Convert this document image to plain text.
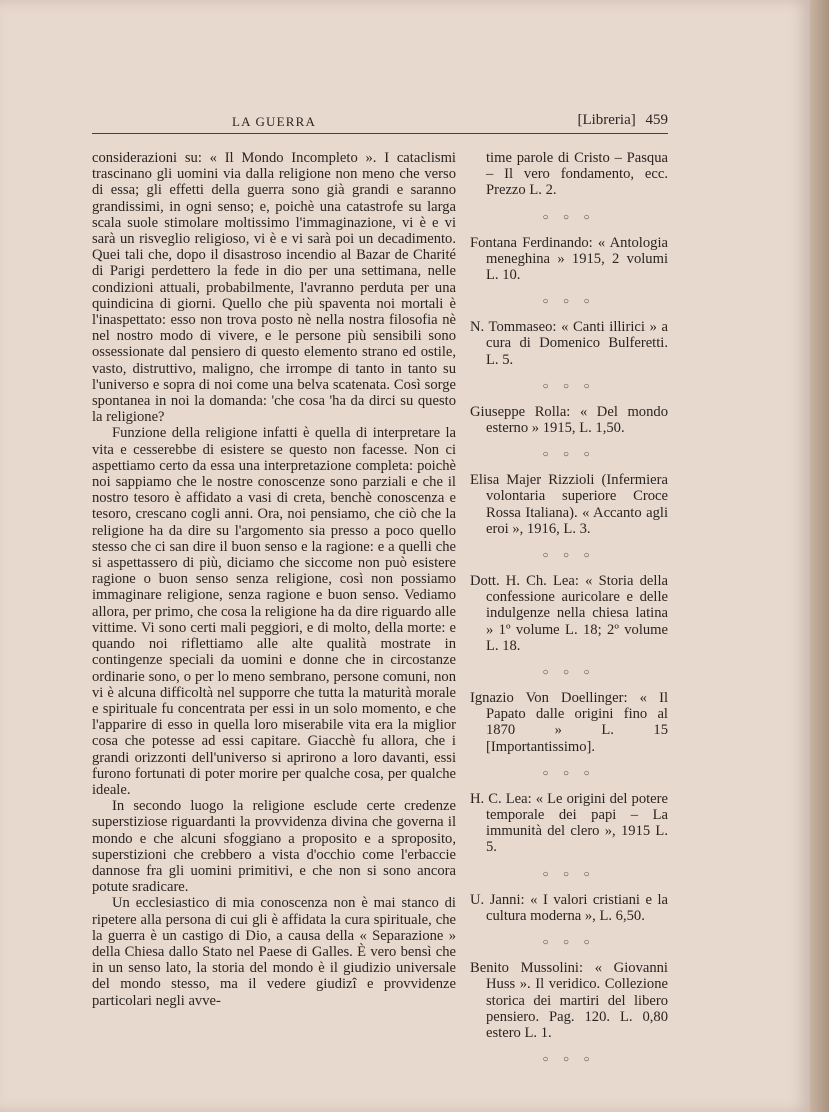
LA GUERRA	[Libreria] 459

considerazioni su: « Il Mondo Incompleto ». I cataclismi trascinano gli uomini via dalla religione non meno che verso di essa; gli effetti della guerra sono già grandi e saranno grandissimi, in ogni senso; e, poichè una catastrofe su larga scala suole stimolare moltissimo l'immaginazione, vi è e vi sarà un risveglio religioso, vi è e vi sarà poi un decadimento. Quei tali che, dopo il disastroso incendio al Bazar de Charité di Parigi perdettero la fede in dio per una settimana, nelle condizioni attuali, probabilmente, l'avranno perduta per una quindicina di giorni. Quello che più spaventa noi mortali è l'inaspettato: esso non trova posto nè nella nostra filosofia nè nel nostro modo di vivere, e le persone più sensibili sono ossessionate dal pensiero di questo elemento strano ed ostile, vasto, distruttivo, maligno, che irrompe di tanto in tanto su l'universo e sopra di noi come una belva scatenata. Così sorge spontanea in noi la domanda: 'che cosa 'ha da dirci su questo la religione?

Funzione della religione infatti è quella di interpretare la vita e cesserebbe di esistere se questo non facesse. Non ci aspettiamo certo da essa una interpretazione completa: poichè noi sappiamo che le nostre conoscenze sono parziali e che il nostro tesoro è affidato a vasi di creta, benchè conoscenza e tesoro, crescano cogli anni. Ora, noi pensiamo, che ciò che la religione ha da dire su l'argomento sia presso a poco quello stesso che ci san dire il buon senso e la ragione: e a quelli che si aspettassero di più, diciamo che siccome non può esistere ragione o buon senso senza religione, così non possiamo immaginare religione, senza ragione e buon senso. Vediamo allora, per primo, che cosa la religione ha da dire riguardo alle vittime. Vi sono certi mali peggiori, e di molto, della morte: e quando noi riflettiamo alle alte qualità mostrate in contingenze speciali da uomini e donne che in circostanze ordinarie sono, o per lo meno sembrano, persone comuni, non vi è alcuna difficoltà nel supporre che tutta la maturità morale e spirituale fu concentrata per essi in un solo momento, e che l'apparire di esso in quella loro miserabile vita era la miglior cosa che potesse ad essi capitare. Giacchè fu allora, che i grandi orizzonti dell'universo si aprirono a loro davanti, essi furono fortunati di poter morire per qualche cosa, per qualche ideale.

In secondo luogo la religione esclude certe credenze superstiziose riguardanti la provvidenza divina che governa il mondo e che alcuni sfoggiano a proposito e a sproposito, superstizioni che crebbero a vista d'occhio come l'erbaccie dannose fra gli uomini primitivi, e che non si sono ancora potute sradicare.

Un ecclesiastico di mia conoscenza non è mai stanco di ripetere alla persona di cui gli è affidata la cura spirituale, che la guerra è un castigo di Dio, a causa della « Separazione » della Chiesa dallo Stato nel Paese di Galles. È vero bensì che in un senso lato, la storia del mondo è il giudizio universale del mondo stesso, ma il vedere giudizî e provvidenze particolari negli avve-

time parole di Cristo – Pasqua – Il vero fondamento, ecc. Prezzo L. 2.

○ ○ ○

Fontana Ferdinando: « Antologia meneghina » 1915, 2 volumi L. 10.

○ ○ ○

N. Tommaseo: « Canti illirici » a cura di Domenico Bulferetti. L. 5.

○ ○ ○

Giuseppe Rolla: « Del mondo esterno » 1915, L. 1,50.

○ ○ ○

Elisa Majer Rizzioli (Infermiera volontaria superiore Croce Rossa Italiana). « Accanto agli eroi », 1916, L. 3.

○ ○ ○

Dott. H. Ch. Lea: « Storia della confessione auricolare e delle indulgenze nella chiesa latina » 1º volume L. 18; 2º volume L. 18.

○ ○ ○

Ignazio Von Doellinger: « Il Papato dalle origini fino al 1870 » L. 15 [Importantissimo].

○ ○ ○

H. C. Lea: « Le origini del potere temporale dei papi – La immunità del clero », 1915 L. 5.

○ ○ ○

U. Janni: « I valori cristiani e la cultura moderna », L. 6,50.

○ ○ ○

Benito Mussolini: « Giovanni Huss ». Il veridico. Collezione storica dei martiri del libero pensiero. Pag. 120. L. 0,80 estero L. 1.

○ ○ ○
